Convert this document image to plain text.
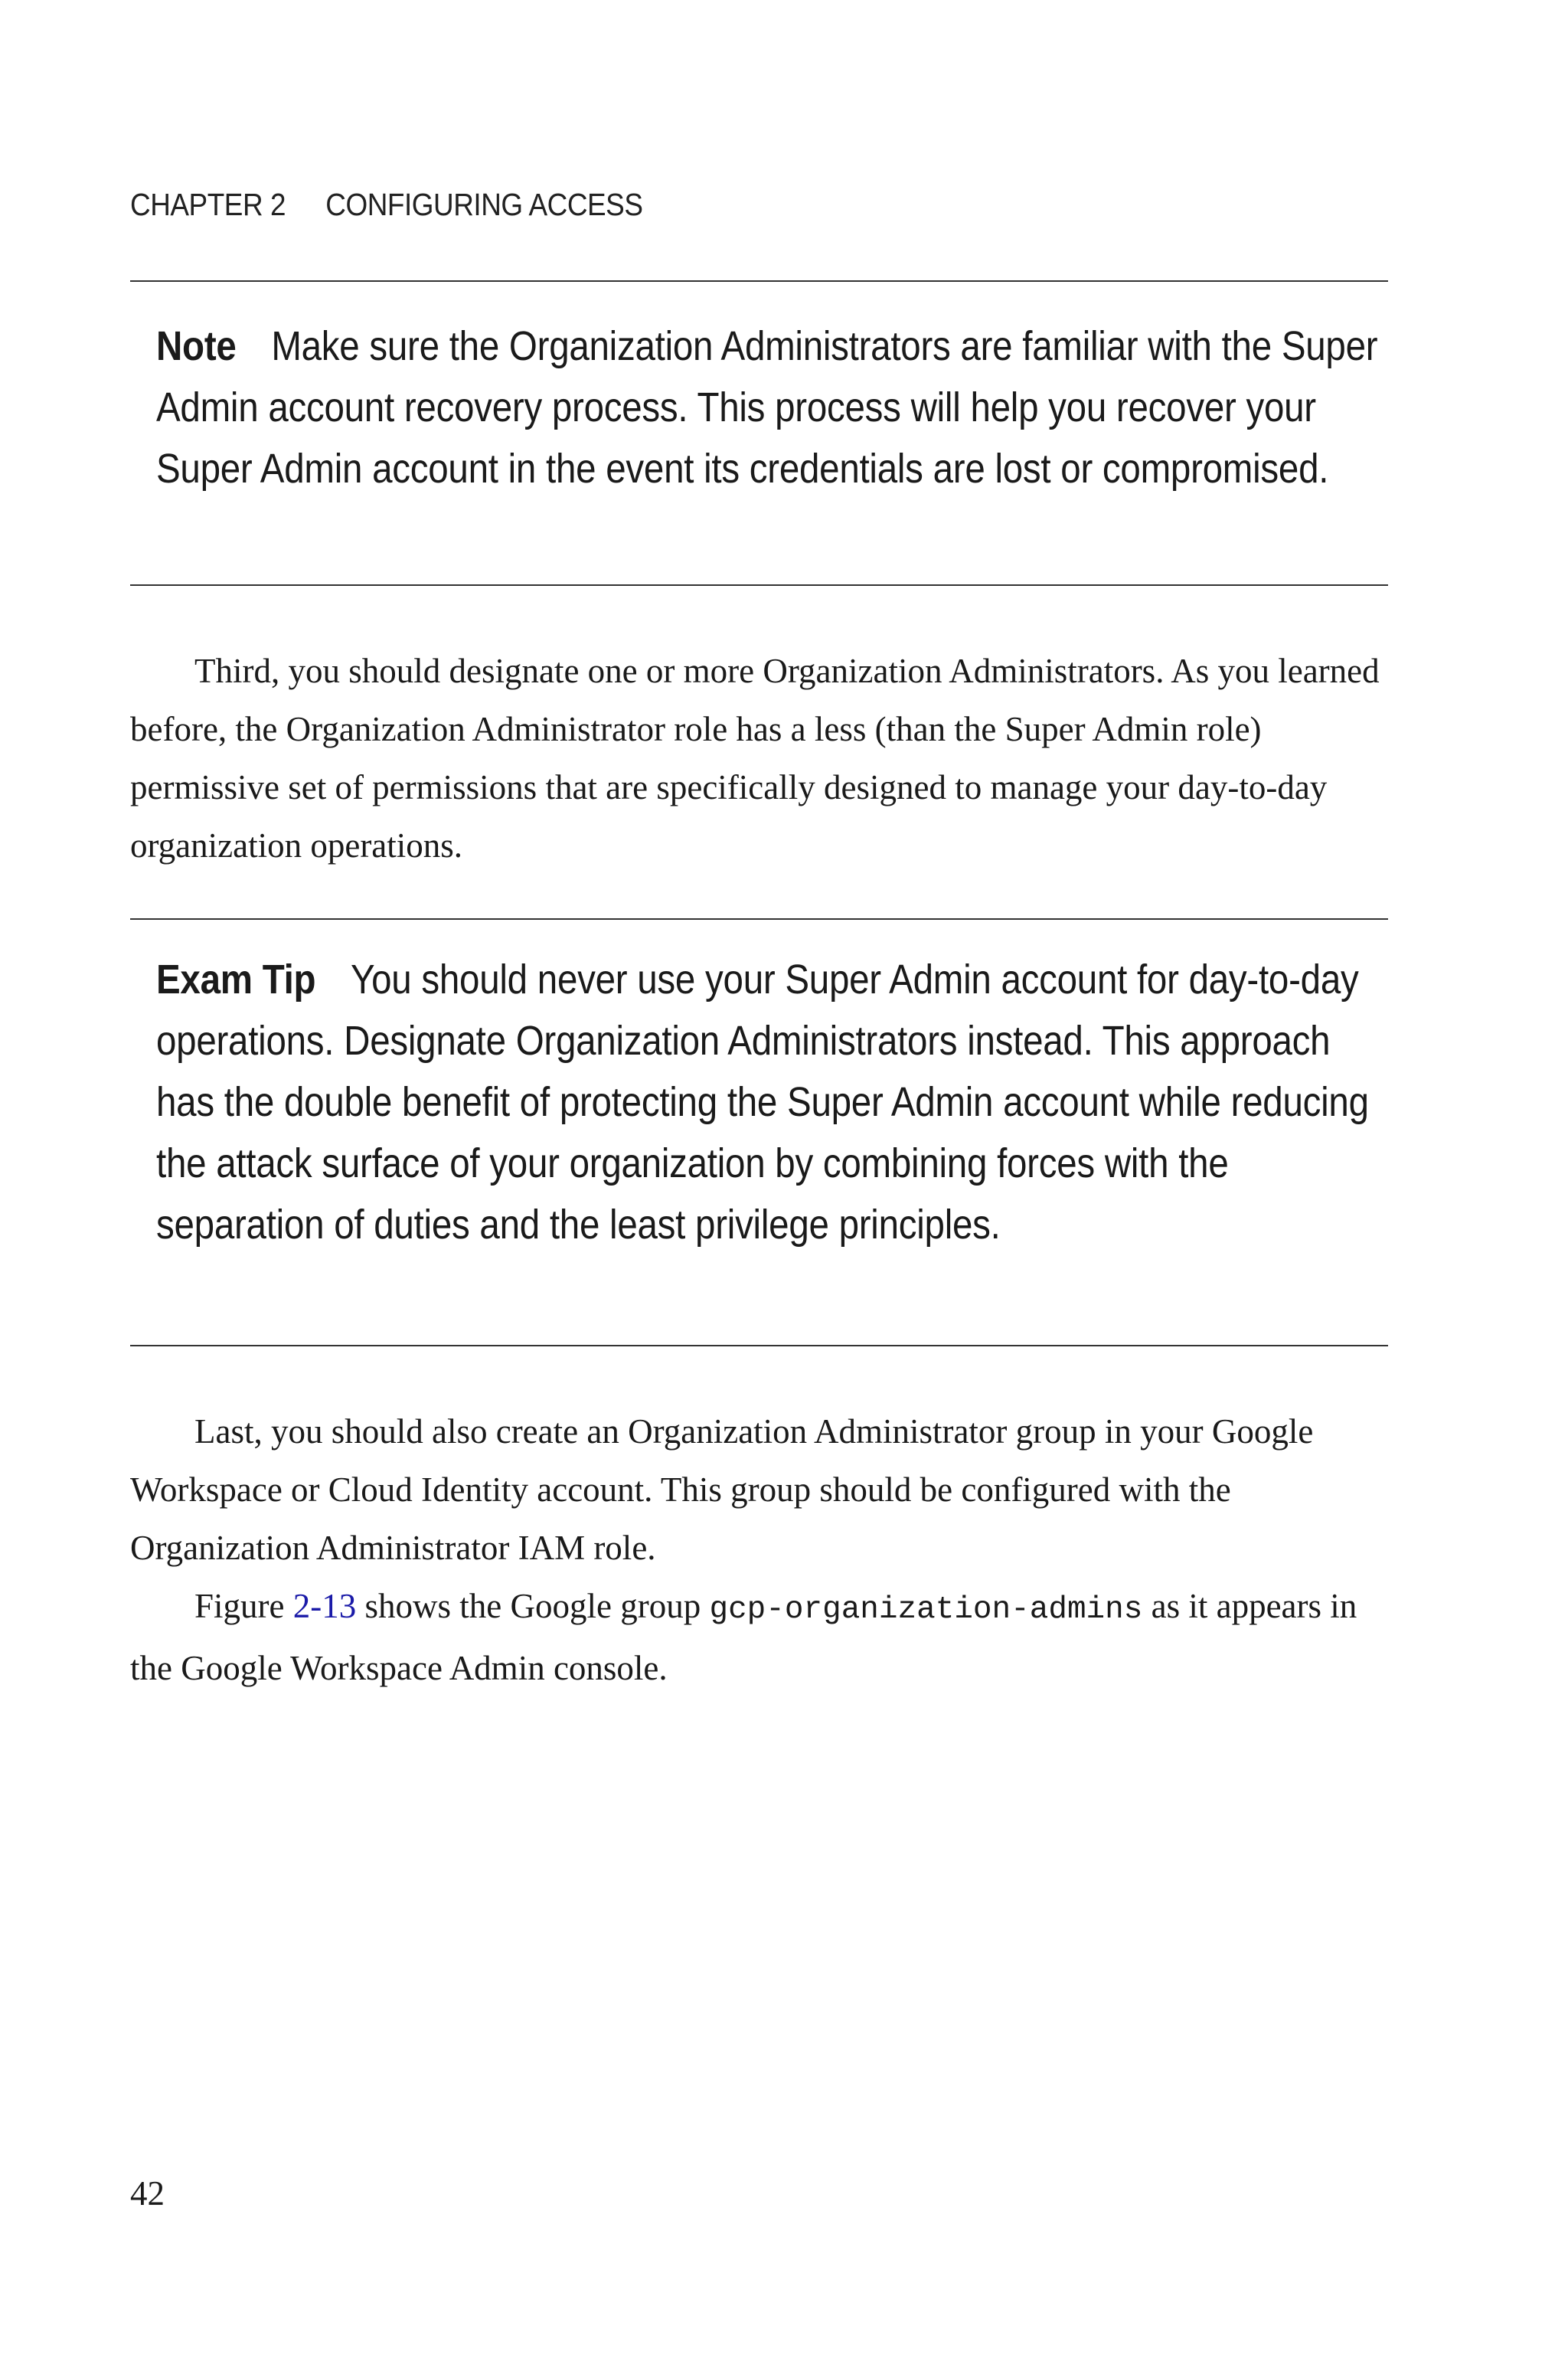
CHAPTER 2 CONFIGURING ACCESS
Note Make sure the Organization Administrators are familiar with the Super Admin account recovery process. This process will help you recover your Super Admin account in the event its credentials are lost or compromised.

Third, you should designate one or more Organization Administrators. As you learned before, the Organization Administrator role has a less (than the Super Admin role) permissive set of permissions that are specifically designed to manage your day-to-day organization operations.

Exam Tip You should never use your Super Admin account for day-to-day operations. Designate Organization Administrators instead. This approach has the double benefit of protecting the Super Admin account while reducing the attack surface of your organization by combining forces with the separation of duties and the least privilege principles.

Last, you should also create an Organization Administrator group in your Google Workspace or Cloud Identity account. This group should be configured with the Organization Administrator IAM role.

Figure 2-13 shows the Google group gcp-organization-admins as it appears in the Google Workspace Admin console.

42
